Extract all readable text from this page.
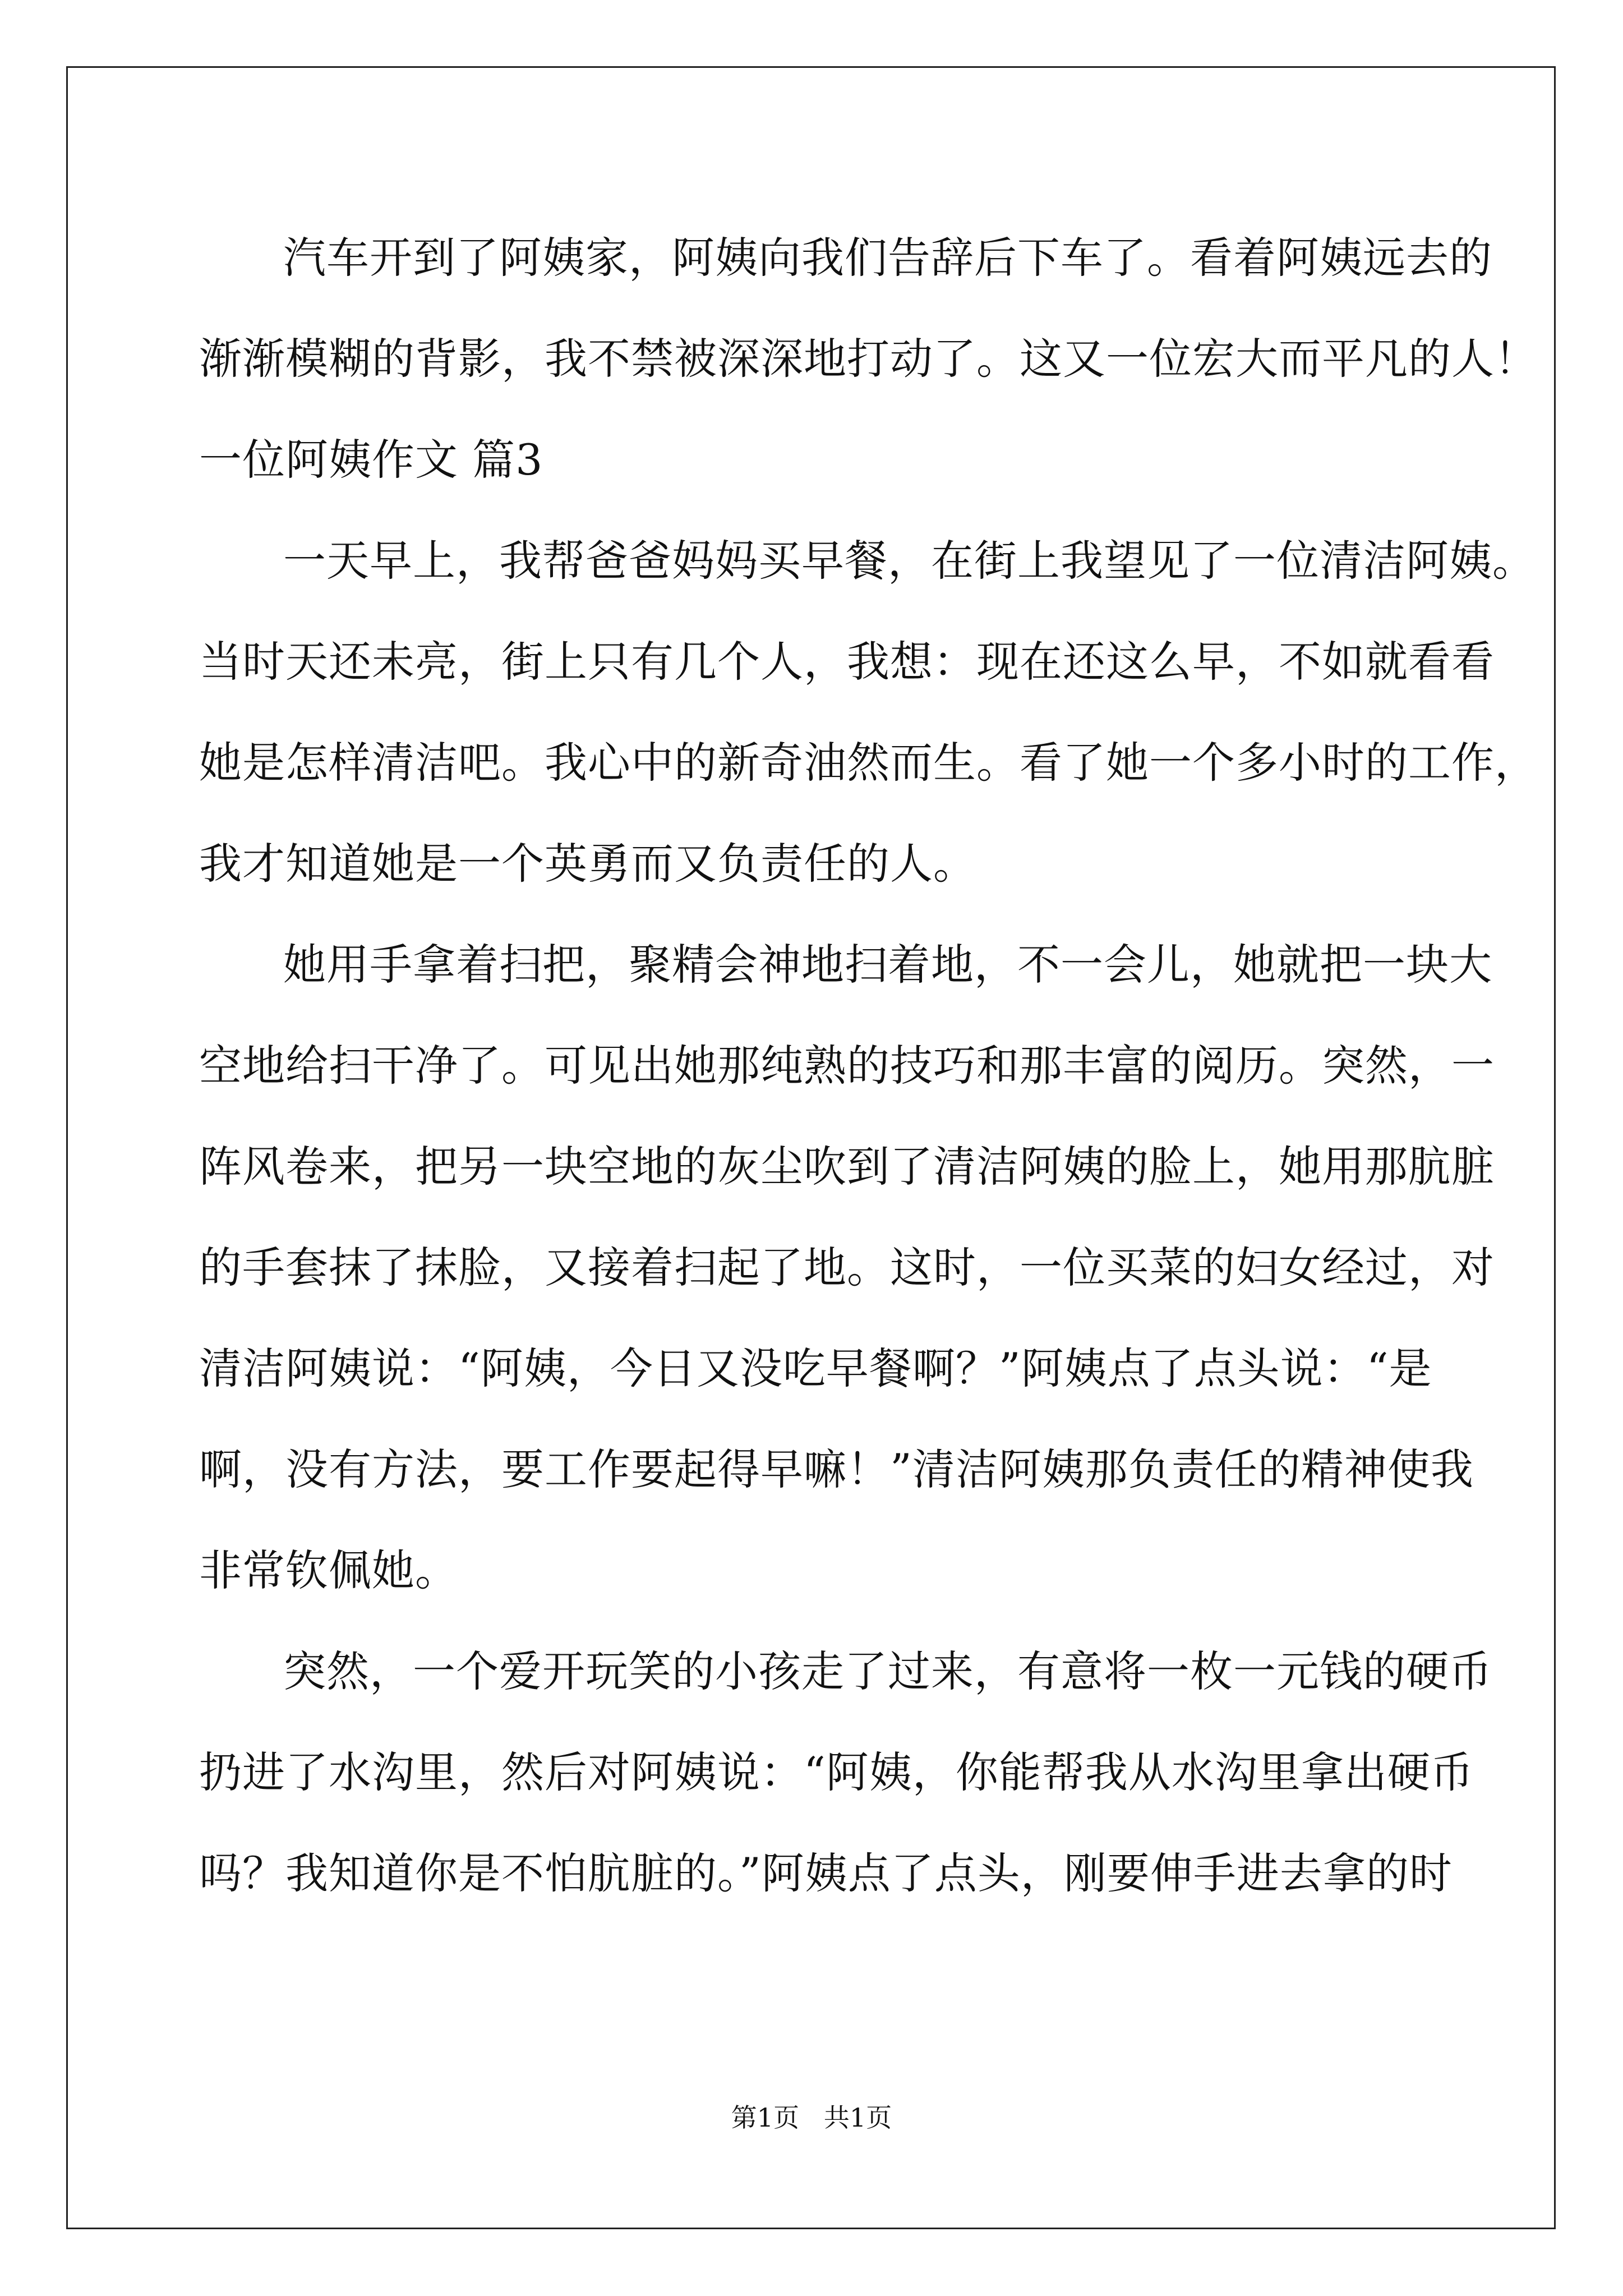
汽车开到了阿姨家，阿姨向我们告辞后下车了。看着阿姨远去的
渐渐模糊的背影，我不禁被深深地打动了。这又一位宏大而平凡的人！
一位阿姨作文 篇3
一天早上，我帮爸爸妈妈买早餐，在街上我望见了一位清洁阿姨。
当时天还未亮，街上只有几个人，我想：现在还这么早，不如就看看
她是怎样清洁吧。我心中的新奇油然而生。看了她一个多小时的工作，
我才知道她是一个英勇而又负责任的人。
她用手拿着扫把，聚精会神地扫着地，不一会儿，她就把一块大
空地给扫干净了。可见出她那纯熟的技巧和那丰富的阅历。突然，一
阵风卷来，把另一块空地的灰尘吹到了清洁阿姨的脸上，她用那肮脏
的手套抹了抹脸，又接着扫起了地。这时，一位买菜的妇女经过，对
清洁阿姨说：“阿姨，今日又没吃早餐啊？”阿姨点了点头说：“是
啊，没有方法，要工作要起得早嘛！”清洁阿姨那负责任的精神使我
非常钦佩她。
突然，一个爱开玩笑的小孩走了过来，有意将一枚一元钱的硬币
扔进了水沟里，然后对阿姨说：“阿姨，你能帮我从水沟里拿出硬币
吗？我知道你是不怕肮脏的。”阿姨点了点头，刚要伸手进去拿的时
第1页   共1页
